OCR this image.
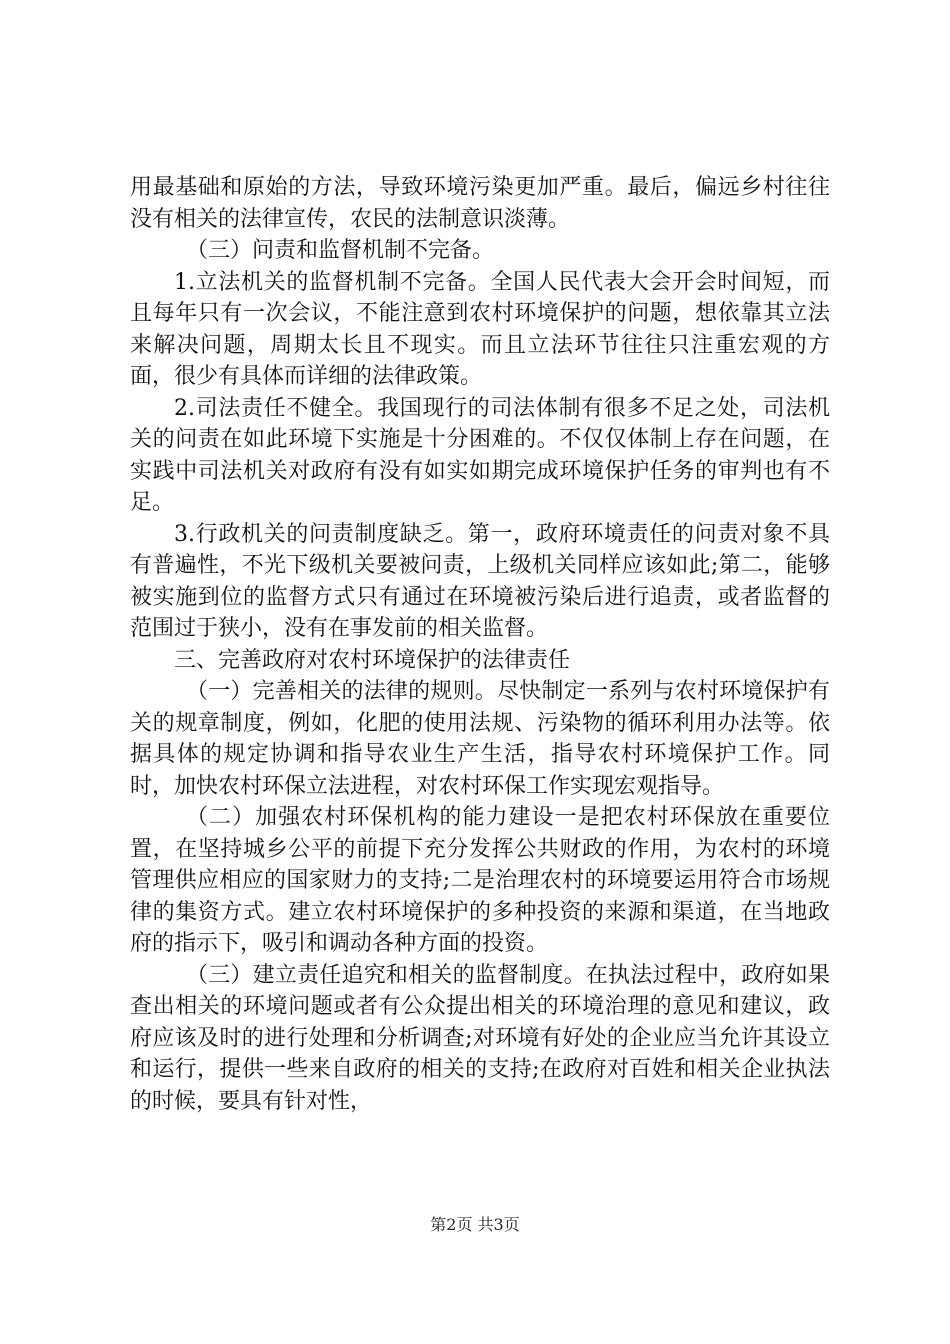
用最基础和原始的方法，导致环境污染更加严重。最后，偏远乡村往往没有相关的法律宣传，农民的法制意识淡薄。

（三）问责和监督机制不完备。

1.立法机关的监督机制不完备。全国人民代表大会开会时间短，而且每年只有一次会议，不能注意到农村环境保护的问题，想依靠其立法来解决问题，周期太长且不现实。而且立法环节往往只注重宏观的方面，很少有具体而详细的法律政策。

2.司法责任不健全。我国现行的司法体制有很多不足之处，司法机关的问责在如此环境下实施是十分困难的。不仅仅体制上存在问题，在实践中司法机关对政府有没有如实如期完成环境保护任务的审判也有不足。

3.行政机关的问责制度缺乏。第一，政府环境责任的问责对象不具有普遍性，不光下级机关要被问责，上级机关同样应该如此;第二，能够被实施到位的监督方式只有通过在环境被污染后进行追责，或者监督的范围过于狭小，没有在事发前的相关监督。

三、完善政府对农村环境保护的法律责任

（一）完善相关的法律的规则。尽快制定一系列与农村环境保护有关的规章制度，例如，化肥的使用法规、污染物的循环利用办法等。依据具体的规定协调和指导农业生产生活，指导农村环境保护工作。同时，加快农村环保立法进程，对农村环保工作实现宏观指导。

（二）加强农村环保机构的能力建设一是把农村环保放在重要位置，在坚持城乡公平的前提下充分发挥公共财政的作用，为农村的环境管理供应相应的国家财力的支持;二是治理农村的环境要运用符合市场规律的集资方式。建立农村环境保护的多种投资的来源和渠道，在当地政府的指示下，吸引和调动各种方面的投资。

（三）建立责任追究和相关的监督制度。在执法过程中，政府如果查出相关的环境问题或者有公众提出相关的环境治理的意见和建议，政府应该及时的进行处理和分析调查;对环境有好处的企业应当允许其设立和运行，提供一些来自政府的相关的支持;在政府对百姓和相关企业执法的时候，要具有针对性，

第2页 共3页
